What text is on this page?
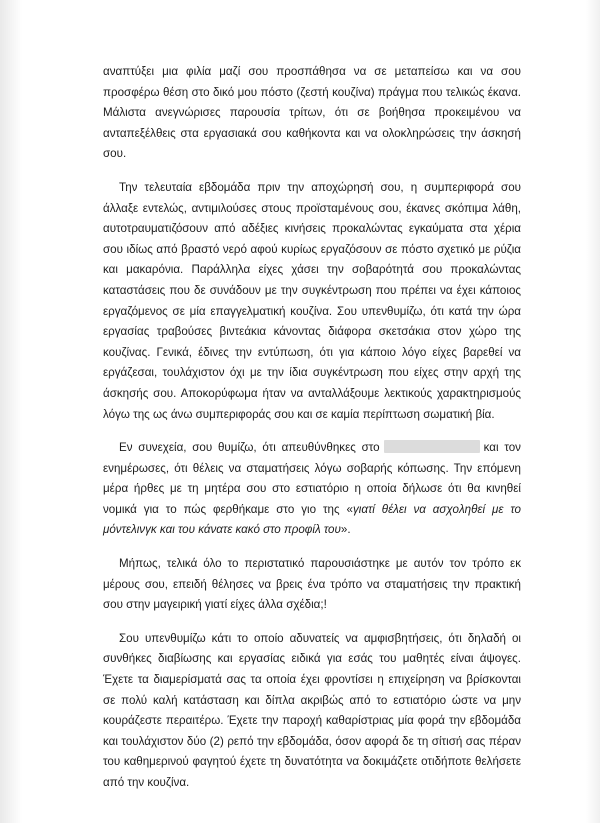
αναπτύξει μια φιλία μαζί σου προσπάθησα να σε μεταπείσω και να σου προσφέρω θέση στο δικό μου πόστο (ζεστή κουζίνα) πράγμα που τελικώς έκανα. Μάλιστα ανεγνώρισες παρουσία τρίτων, ότι σε βοήθησα προκειμένου να ανταπεξέλθεις στα εργασιακά σου καθήκοντα και να ολοκληρώσεις την άσκησή σου.

Την τελευταία εβδομάδα πριν την αποχώρησή σου, η συμπεριφορά σου άλλαξε εντελώς, αντιμιλούσες στους προϊσταμένους σου, έκανες σκόπιμα λάθη, αυτοτραυματιζόσουν από αδέξιες κινήσεις προκαλώντας εγκαύματα στα χέρια σου ιδίως από βραστό νερό αφού κυρίως εργαζόσουν σε πόστο σχετικό με ρύζια και μακαρόνια. Παράλληλα είχες χάσει την σοβαρότητά σου προκαλώντας καταστάσεις που δε συνάδουν με την συγκέντρωση που πρέπει να έχει κάποιος εργαζόμενος σε μία επαγγελματική κουζίνα. Σου υπενθυμίζω, ότι κατά την ώρα εργασίας τραβούσες βιντεάκια κάνοντας διάφορα σκετσάκια στον χώρο της κουζίνας. Γενικά, έδινες την εντύπωση, ότι για κάποιο λόγο είχες βαρεθεί να εργάζεσαι, τουλάχιστον όχι με την ίδια συγκέντρωση που είχες στην αρχή της άσκησής σου. Αποκορύφωμα ήταν να ανταλλάξουμε λεκτικούς χαρακτηρισμούς λόγω της ως άνω συμπεριφοράς σου και σε καμία περίπτωση σωματική βία.

Εν συνεχεία, σου θυμίζω, ότι απευθύνθηκες στο	και τον ενημέρωσες, ότι θέλεις να σταματήσεις λόγω σοβαρής κόπωσης. Την επόμενη μέρα ήρθες με τη μητέρα σου στο εστιατόριο η οποία δήλωσε ότι θα κινηθεί νομικά για το πώς φερθήκαμε στο γιο της «γιατί θέλει να ασχοληθεί με το μόντελινγκ και του κάνατε κακό στο προφίλ του».

Μήπως, τελικά όλο το περιστατικό παρουσιάστηκε με αυτόν τον τρόπο εκ μέρους σου, επειδή θέλησες να βρεις ένα τρόπο να σταματήσεις την πρακτική σου στην μαγειρική γιατί είχες άλλα σχέδια;!

Σου υπενθυμίζω κάτι το οποίο αδυνατείς να αμφισβητήσεις, ότι δηλαδή οι συνθήκες διαβίωσης και εργασίας ειδικά για εσάς του μαθητές είναι άψογες. Έχετε τα διαμερίσματά σας τα οποία έχει φροντίσει η επιχείρηση να βρίσκονται σε πολύ καλή κατάσταση και δίπλα ακριβώς από το εστιατόριο ώστε να μην κουράζεστε περαιτέρω. Έχετε την παροχή καθαρίστριας μία φορά την εβδομάδα και τουλάχιστον δύο (2) ρεπό την εβδομάδα, όσον αφορά δε τη σίτισή σας πέραν του καθημερινού φαγητού έχετε τη δυνατότητα να δοκιμάζετε οτιδήποτε θελήσετε από την κουζίνα.
